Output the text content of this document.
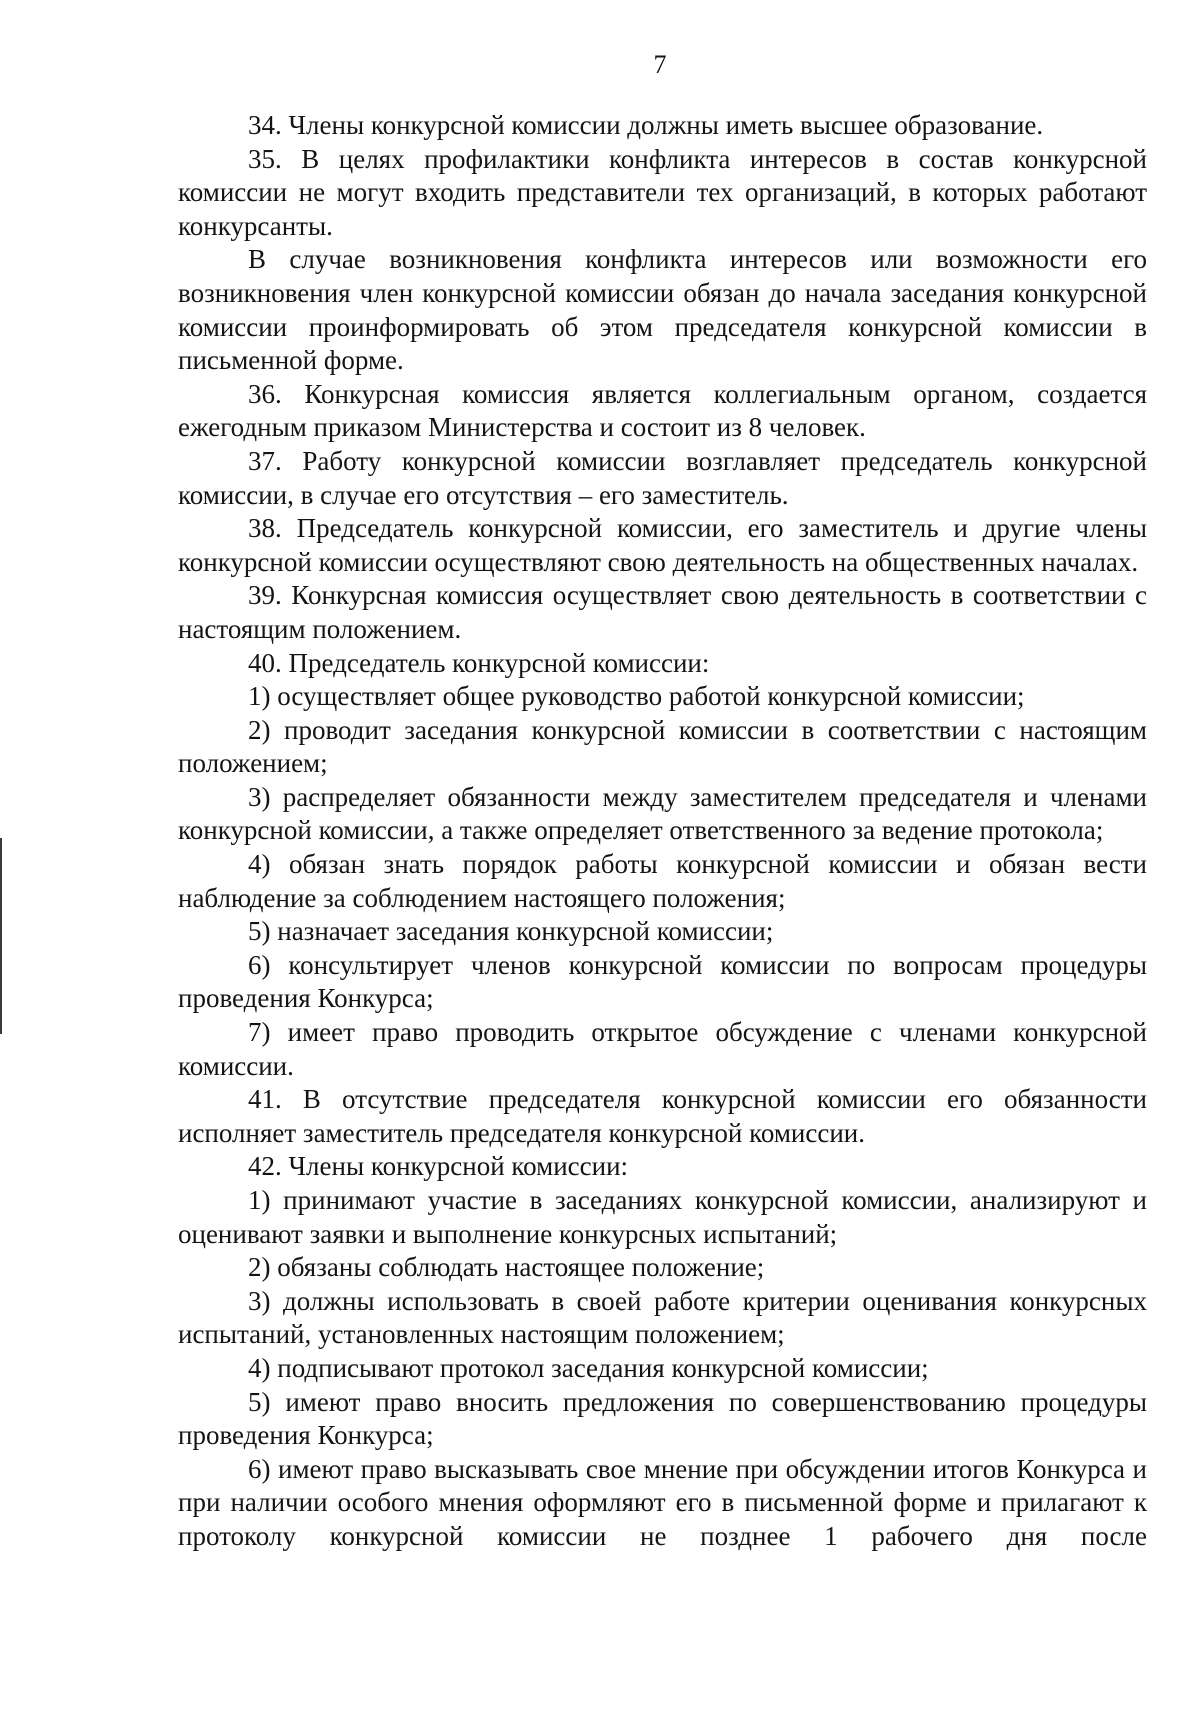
7

34. Члены конкурсной комиссии должны иметь высшее образование.

35. В целях профилактики конфликта интересов в состав конкурсной комиссии не могут входить представители тех организаций, в которых работают конкурсанты.

В случае возникновения конфликта интересов или возможности его возникновения член конкурсной комиссии обязан до начала заседания конкурсной комиссии проинформировать об этом председателя конкурсной комиссии в письменной форме.

36. Конкурсная комиссия является коллегиальным органом, создается ежегодным приказом Министерства и состоит из 8 человек.

37. Работу конкурсной комиссии возглавляет председатель конкурсной комиссии, в случае его отсутствия – его заместитель.

38. Председатель конкурсной комиссии, его заместитель и другие члены конкурсной комиссии осуществляют свою деятельность на общественных началах.

39. Конкурсная комиссия осуществляет свою деятельность в соответствии с настоящим положением.

40. Председатель конкурсной комиссии:

1) осуществляет общее руководство работой конкурсной комиссии;

2) проводит заседания конкурсной комиссии в соответствии с настоящим положением;

3) распределяет обязанности между заместителем председателя и членами конкурсной комиссии, а также определяет ответственного за ведение протокола;

4) обязан знать порядок работы конкурсной комиссии и обязан вести наблюдение за соблюдением настоящего положения;

5) назначает заседания конкурсной комиссии;

6) консультирует членов конкурсной комиссии по вопросам процедуры проведения Конкурса;

7) имеет право проводить открытое обсуждение с членами конкурсной комиссии.

41. В отсутствие председателя конкурсной комиссии его обязанности исполняет заместитель председателя конкурсной комиссии.

42. Члены конкурсной комиссии:

1) принимают участие в заседаниях конкурсной комиссии, анализируют и оценивают заявки и выполнение конкурсных испытаний;

2) обязаны соблюдать настоящее положение;

3) должны использовать в своей работе критерии оценивания конкурсных испытаний, установленных настоящим положением;

4) подписывают протокол заседания конкурсной комиссии;

5) имеют право вносить предложения по совершенствованию процедуры проведения Конкурса;

6) имеют право высказывать свое мнение при обсуждении итогов Конкурса и при наличии особого мнения оформляют его в письменной форме и прилагают к протоколу конкурсной комиссии не позднее 1 рабочего дня после
